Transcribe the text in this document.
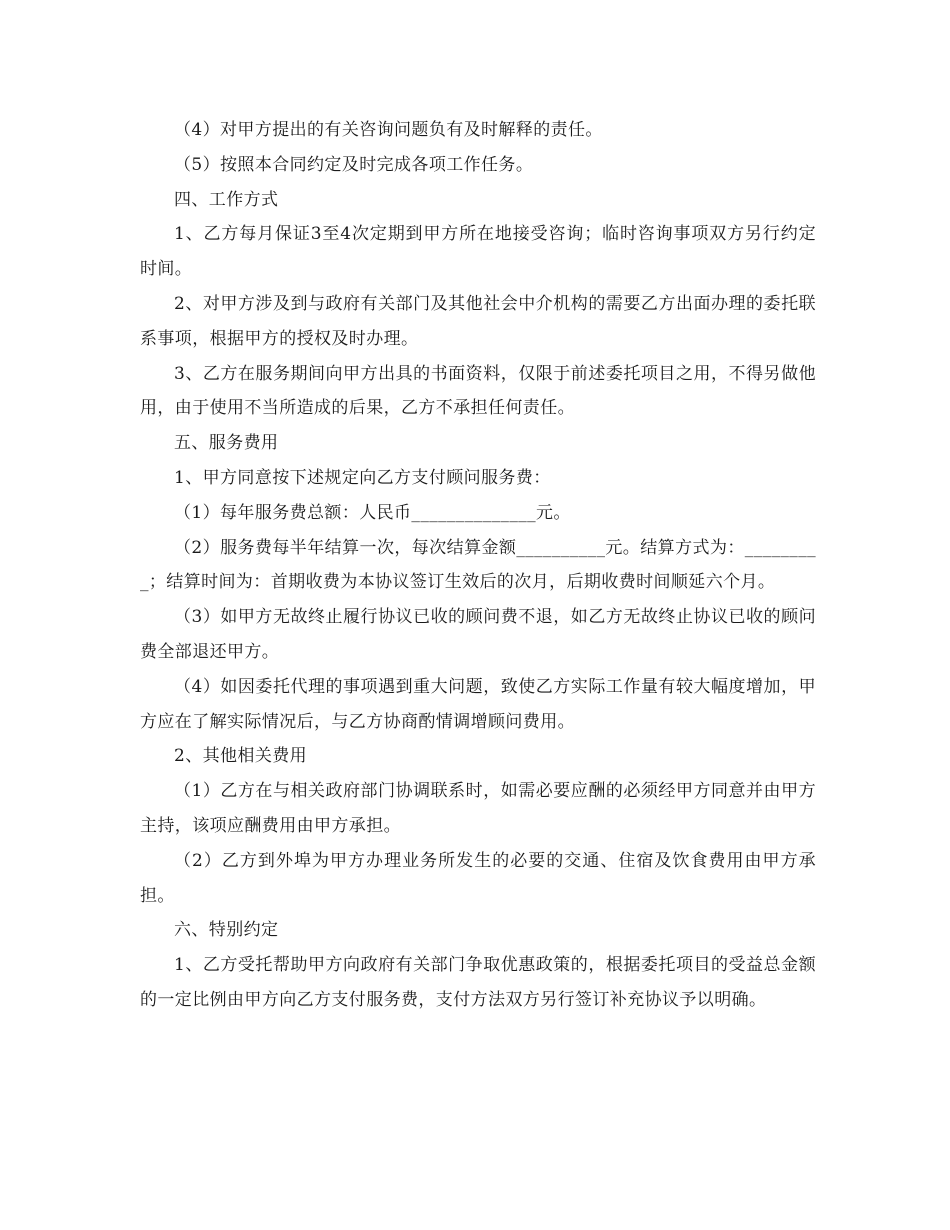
（4）对甲方提出的有关咨询问题负有及时解释的责任。

（5）按照本合同约定及时完成各项工作任务。

四、工作方式

1、乙方每月保证3至4次定期到甲方所在地接受咨询；临时咨询事项双方另行约定时间。

2、对甲方涉及到与政府有关部门及其他社会中介机构的需要乙方出面办理的委托联系事项，根据甲方的授权及时办理。

3、乙方在服务期间向甲方出具的书面资料，仅限于前述委托项目之用，不得另做他用，由于使用不当所造成的后果，乙方不承担任何责任。

五、服务费用

1、甲方同意按下述规定向乙方支付顾问服务费：

（1）每年服务费总额：人民币______________元。

（2）服务费每半年结算一次，每次结算金额__________元。结算方式为：_________；结算时间为：首期收费为本协议签订生效后的次月，后期收费时间顺延六个月。

（3）如甲方无故终止履行协议已收的顾问费不退，如乙方无故终止协议已收的顾问费全部退还甲方。

（4）如因委托代理的事项遇到重大问题，致使乙方实际工作量有较大幅度增加，甲方应在了解实际情况后，与乙方协商酌情调增顾问费用。

2、其他相关费用

（1）乙方在与相关政府部门协调联系时，如需必要应酬的必须经甲方同意并由甲方主持，该项应酬费用由甲方承担。

（2）乙方到外埠为甲方办理业务所发生的必要的交通、住宿及饮食费用由甲方承担。

六、特别约定

1、乙方受托帮助甲方向政府有关部门争取优惠政策的，根据委托项目的受益总金额的一定比例由甲方向乙方支付服务费，支付方法双方另行签订补充协议予以明确。
